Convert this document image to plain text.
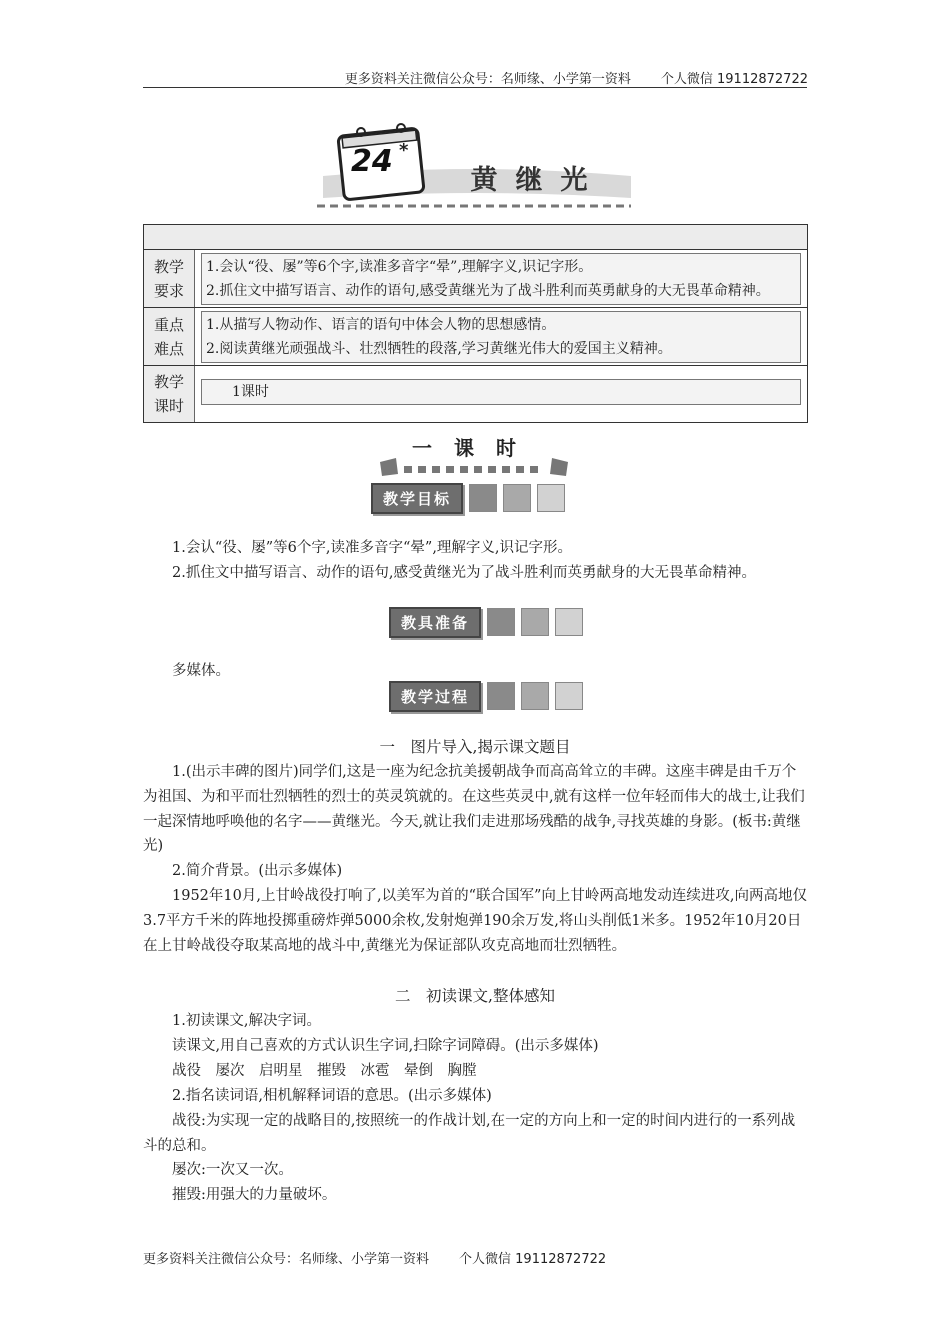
更多资料关注微信公众号：名师缘、小学第一资料 个人微信 19112872722
24 *
黄继光
教学
要求
1.会认“役、屡”等6个字,读准多音字“晕”,理解字义,识记字形。
2.抓住文中描写语言、动作的语句,感受黄继光为了战斗胜利而英勇献身的大无畏革命精神。
重点
难点
1.从描写人物动作、语言的语句中体会人物的思想感情。
2.阅读黄继光顽强战斗、壮烈牺牲的段落,学习黄继光伟大的爱国主义精神。
教学
课时
1课时
一课时
教学目标
1.会认“役、屡”等6个字,读准多音字“晕”,理解字义,识记字形。
2.抓住文中描写语言、动作的语句,感受黄继光为了战斗胜利而英勇献身的大无畏革命精神。
教具准备
多媒体。
教学过程
一　图片导入,揭示课文题目
1.(出示丰碑的图片)同学们,这是一座为纪念抗美援朝战争而高高耸立的丰碑。这座丰碑是由千万个为祖国、为和平而壮烈牺牲的烈士的英灵筑就的。在这些英灵中,就有这样一位年轻而伟大的战士,让我们一起深情地呼唤他的名字——黄继光。今天,就让我们走进那场残酷的战争,寻找英雄的身影。(板书:黄继光)
2.简介背景。(出示多媒体)
1952年10月,上甘岭战役打响了,以美军为首的“联合国军”向上甘岭两高地发动连续进攻,向两高地仅3.7平方千米的阵地投掷重磅炸弹5000余枚,发射炮弹190余万发,将山头削低1米多。1952年10月20日在上甘岭战役夺取某高地的战斗中,黄继光为保证部队攻克高地而壮烈牺牲。
二　初读课文,整体感知
1.初读课文,解决字词。
读课文,用自己喜欢的方式认识生字词,扫除字词障碍。(出示多媒体)
战役　屡次　启明星　摧毁　冰雹　晕倒　胸膛
2.指名读词语,相机解释词语的意思。(出示多媒体)
战役:为实现一定的战略目的,按照统一的作战计划,在一定的方向上和一定的时间内进行的一系列战斗的总和。
屡次:一次又一次。
摧毁:用强大的力量破坏。
更多资料关注微信公众号：名师缘、小学第一资料 个人微信 19112872722
